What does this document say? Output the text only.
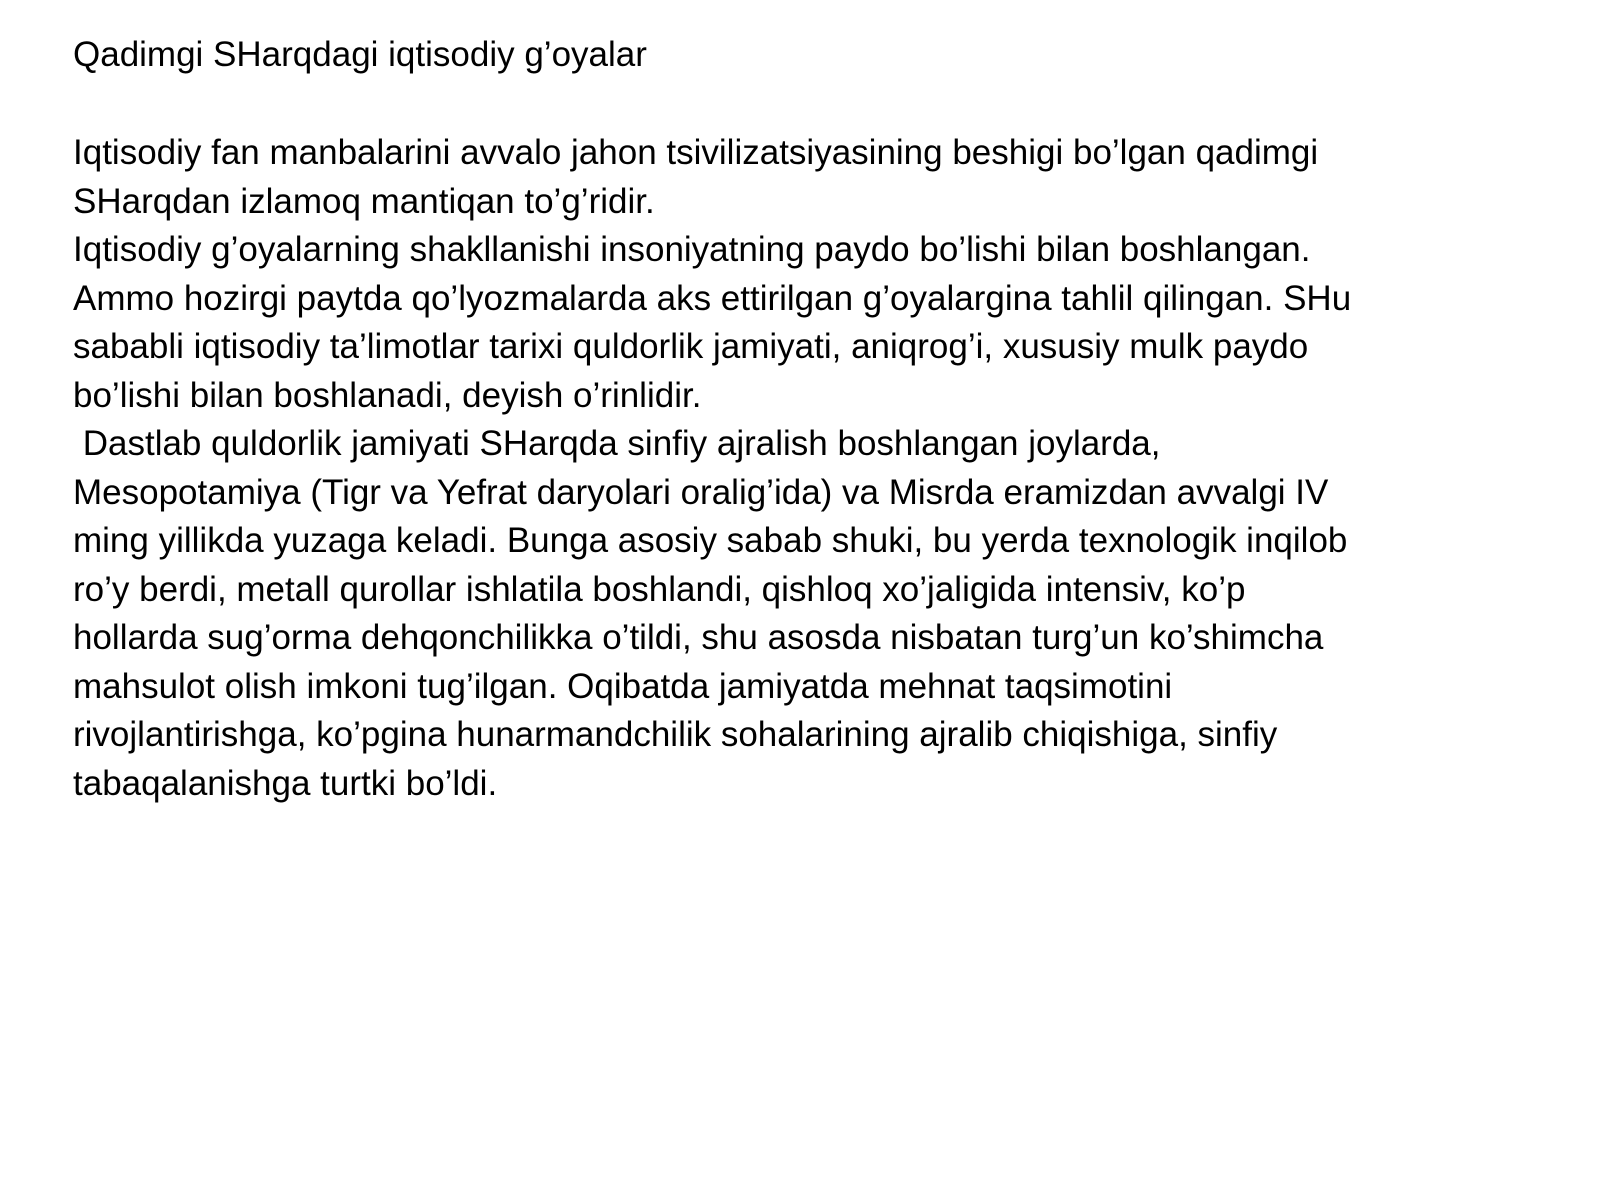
Qadimgi SHarqdagi iqtisodiy g’oyalar
Iqtisodiy fan manbalarini avvalo jahon tsivilizatsiyasining beshigi bo’lgan qadimgi
SHarqdan izlamoq mantiqan to’g’ridir.
Iqtisodiy g’oyalarning shakllanishi insoniyatning paydo bo’lishi bilan boshlangan.
Ammo hozirgi paytda qo’lyozmalarda aks ettirilgan g’oyalargina tahlil qilingan. SHu
sababli iqtisodiy ta’limotlar tarixi quldorlik jamiyati, aniqrog’i, xususiy mulk paydo
bo’lishi bilan boshlanadi, deyish o’rinlidir.
Dastlab quldorlik jamiyati SHarqda sinfiy ajralish boshlangan joylarda,
Mesopotamiya (Tigr va Yefrat daryolari oralig’ida) va Misrda eramizdan avvalgi IV
ming yillikda yuzaga keladi. Bunga asosiy sabab shuki, bu yerda texnologik inqilob
ro’y berdi, metall qurollar ishlatila boshlandi, qishloq xo’jaligida intensiv, ko’p
hollarda sug’orma dehqonchilikka o’tildi, shu asosda nisbatan turg’un ko’shimcha
mahsulot olish imkoni tug’ilgan. Oqibatda jamiyatda mehnat taqsimotini
rivojlantirishga, ko’pgina hunarmandchilik sohalarining ajralib chiqishiga, sinfiy
tabaqalanishga turtki bo’ldi.
